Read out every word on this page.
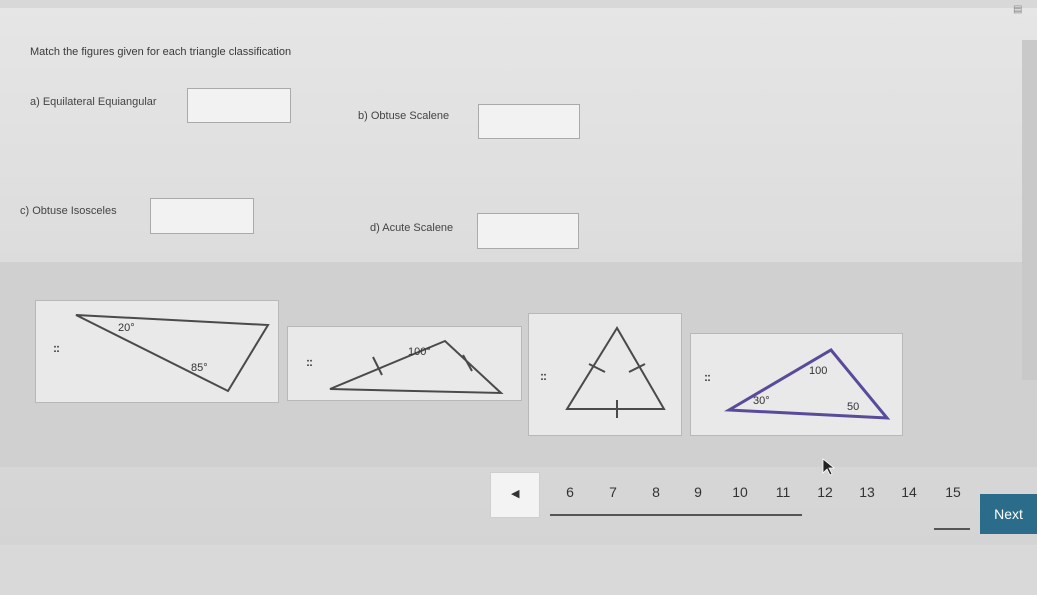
▤
Match the figures given for each triangle classification
a) Equilateral Equiangular
b) Obtuse Scalene
c) Obtuse Isosceles
d) Acute Scalene
::
20°
85°	::
100°
::	::	100
30°	50
◀	6	7	8	9	10	11	12	13	14	15
Next
